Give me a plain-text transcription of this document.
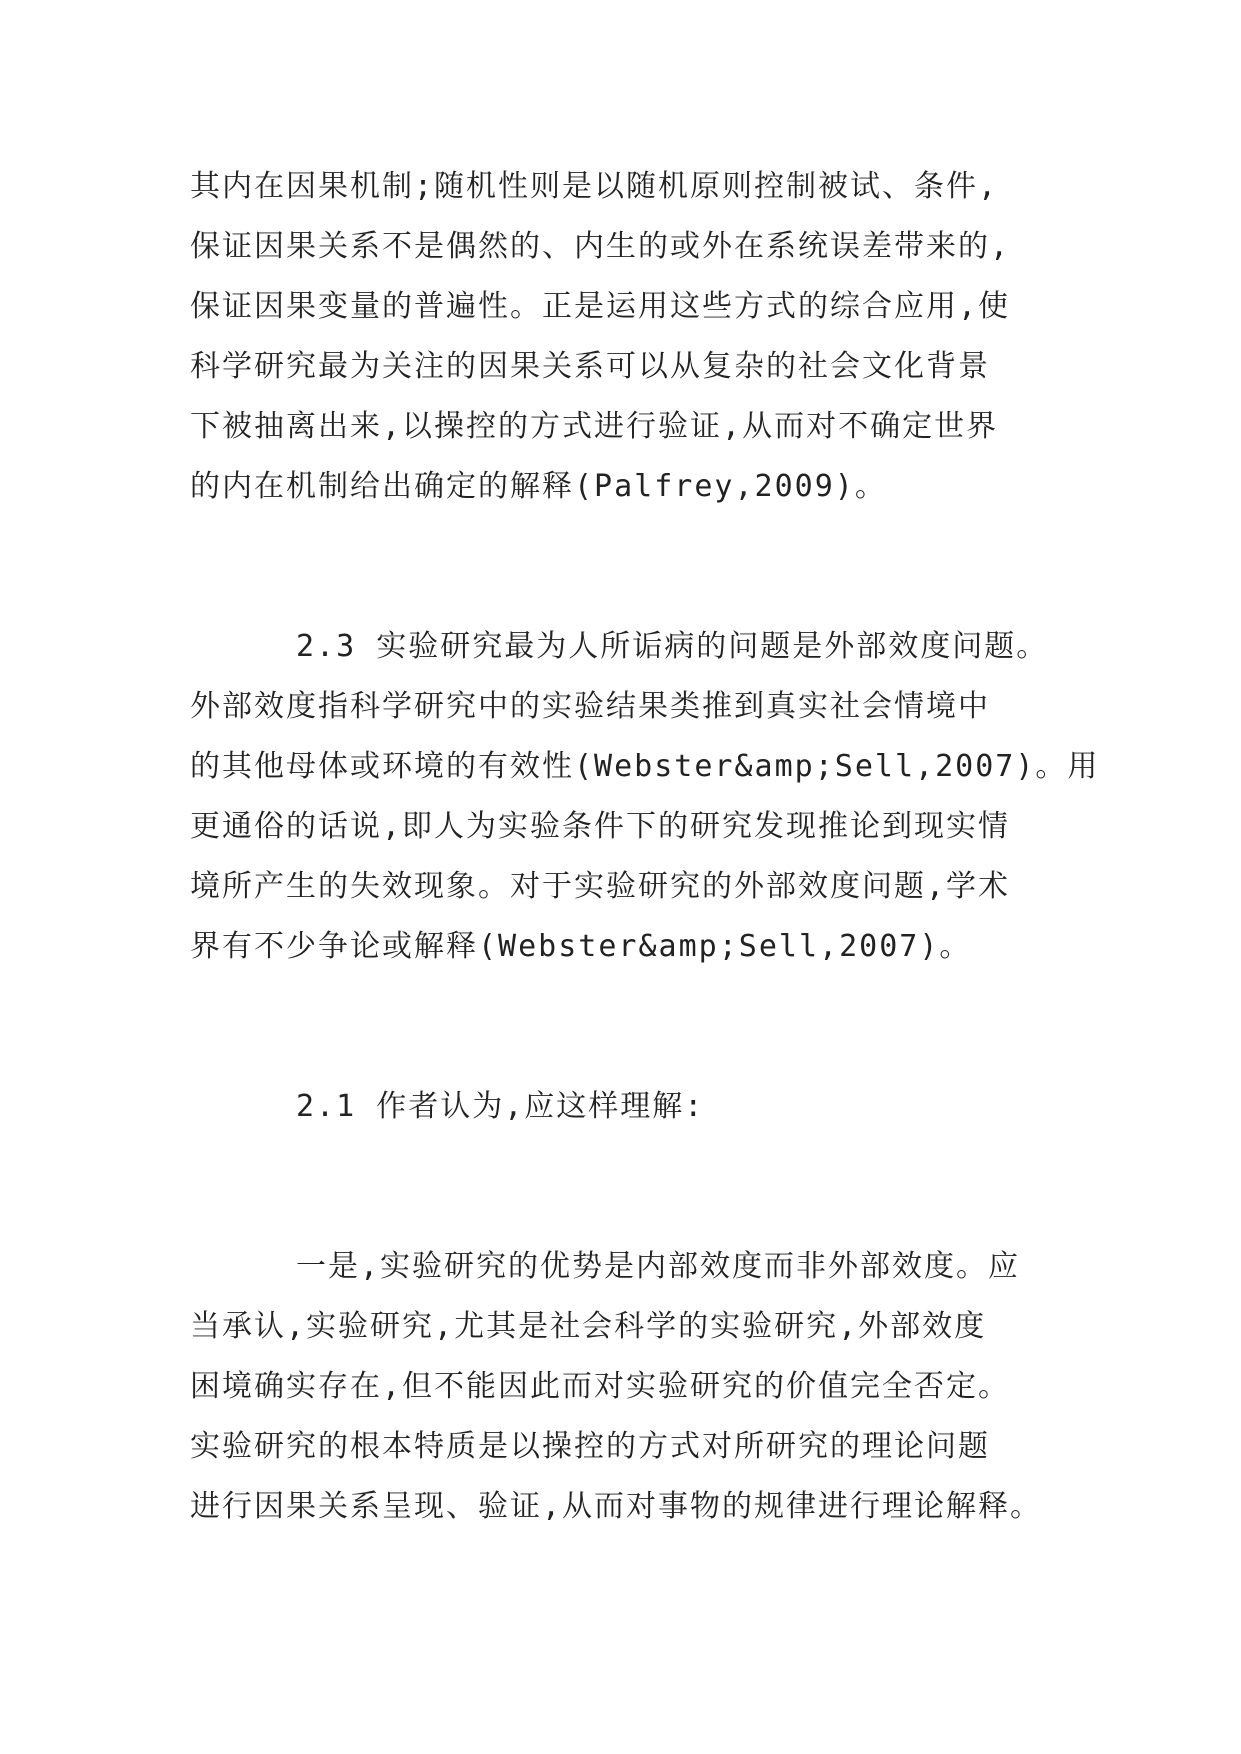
其内在因果机制;随机性则是以随机原则控制被试、条件,
保证因果关系不是偶然的、内生的或外在系统误差带来的,
保证因果变量的普遍性。正是运用这些方式的综合应用,使
科学研究最为关注的因果关系可以从复杂的社会文化背景
下被抽离出来,以操控的方式进行验证,从而对不确定世界
的内在机制给出确定的解释(Palfrey,2009)。
2.3 实验研究最为人所诟病的问题是外部效度问题。
外部效度指科学研究中的实验结果类推到真实社会情境中
的其他母体或环境的有效性(Webster&amp;Sell,2007)。用
更通俗的话说,即人为实验条件下的研究发现推论到现实情
境所产生的失效现象。对于实验研究的外部效度问题,学术
界有不少争论或解释(Webster&amp;Sell,2007)。
2.1 作者认为,应这样理解:
一是,实验研究的优势是内部效度而非外部效度。应
当承认,实验研究,尤其是社会科学的实验研究,外部效度
困境确实存在,但不能因此而对实验研究的价值完全否定。
实验研究的根本特质是以操控的方式对所研究的理论问题
进行因果关系呈现、验证,从而对事物的规律进行理论解释。
